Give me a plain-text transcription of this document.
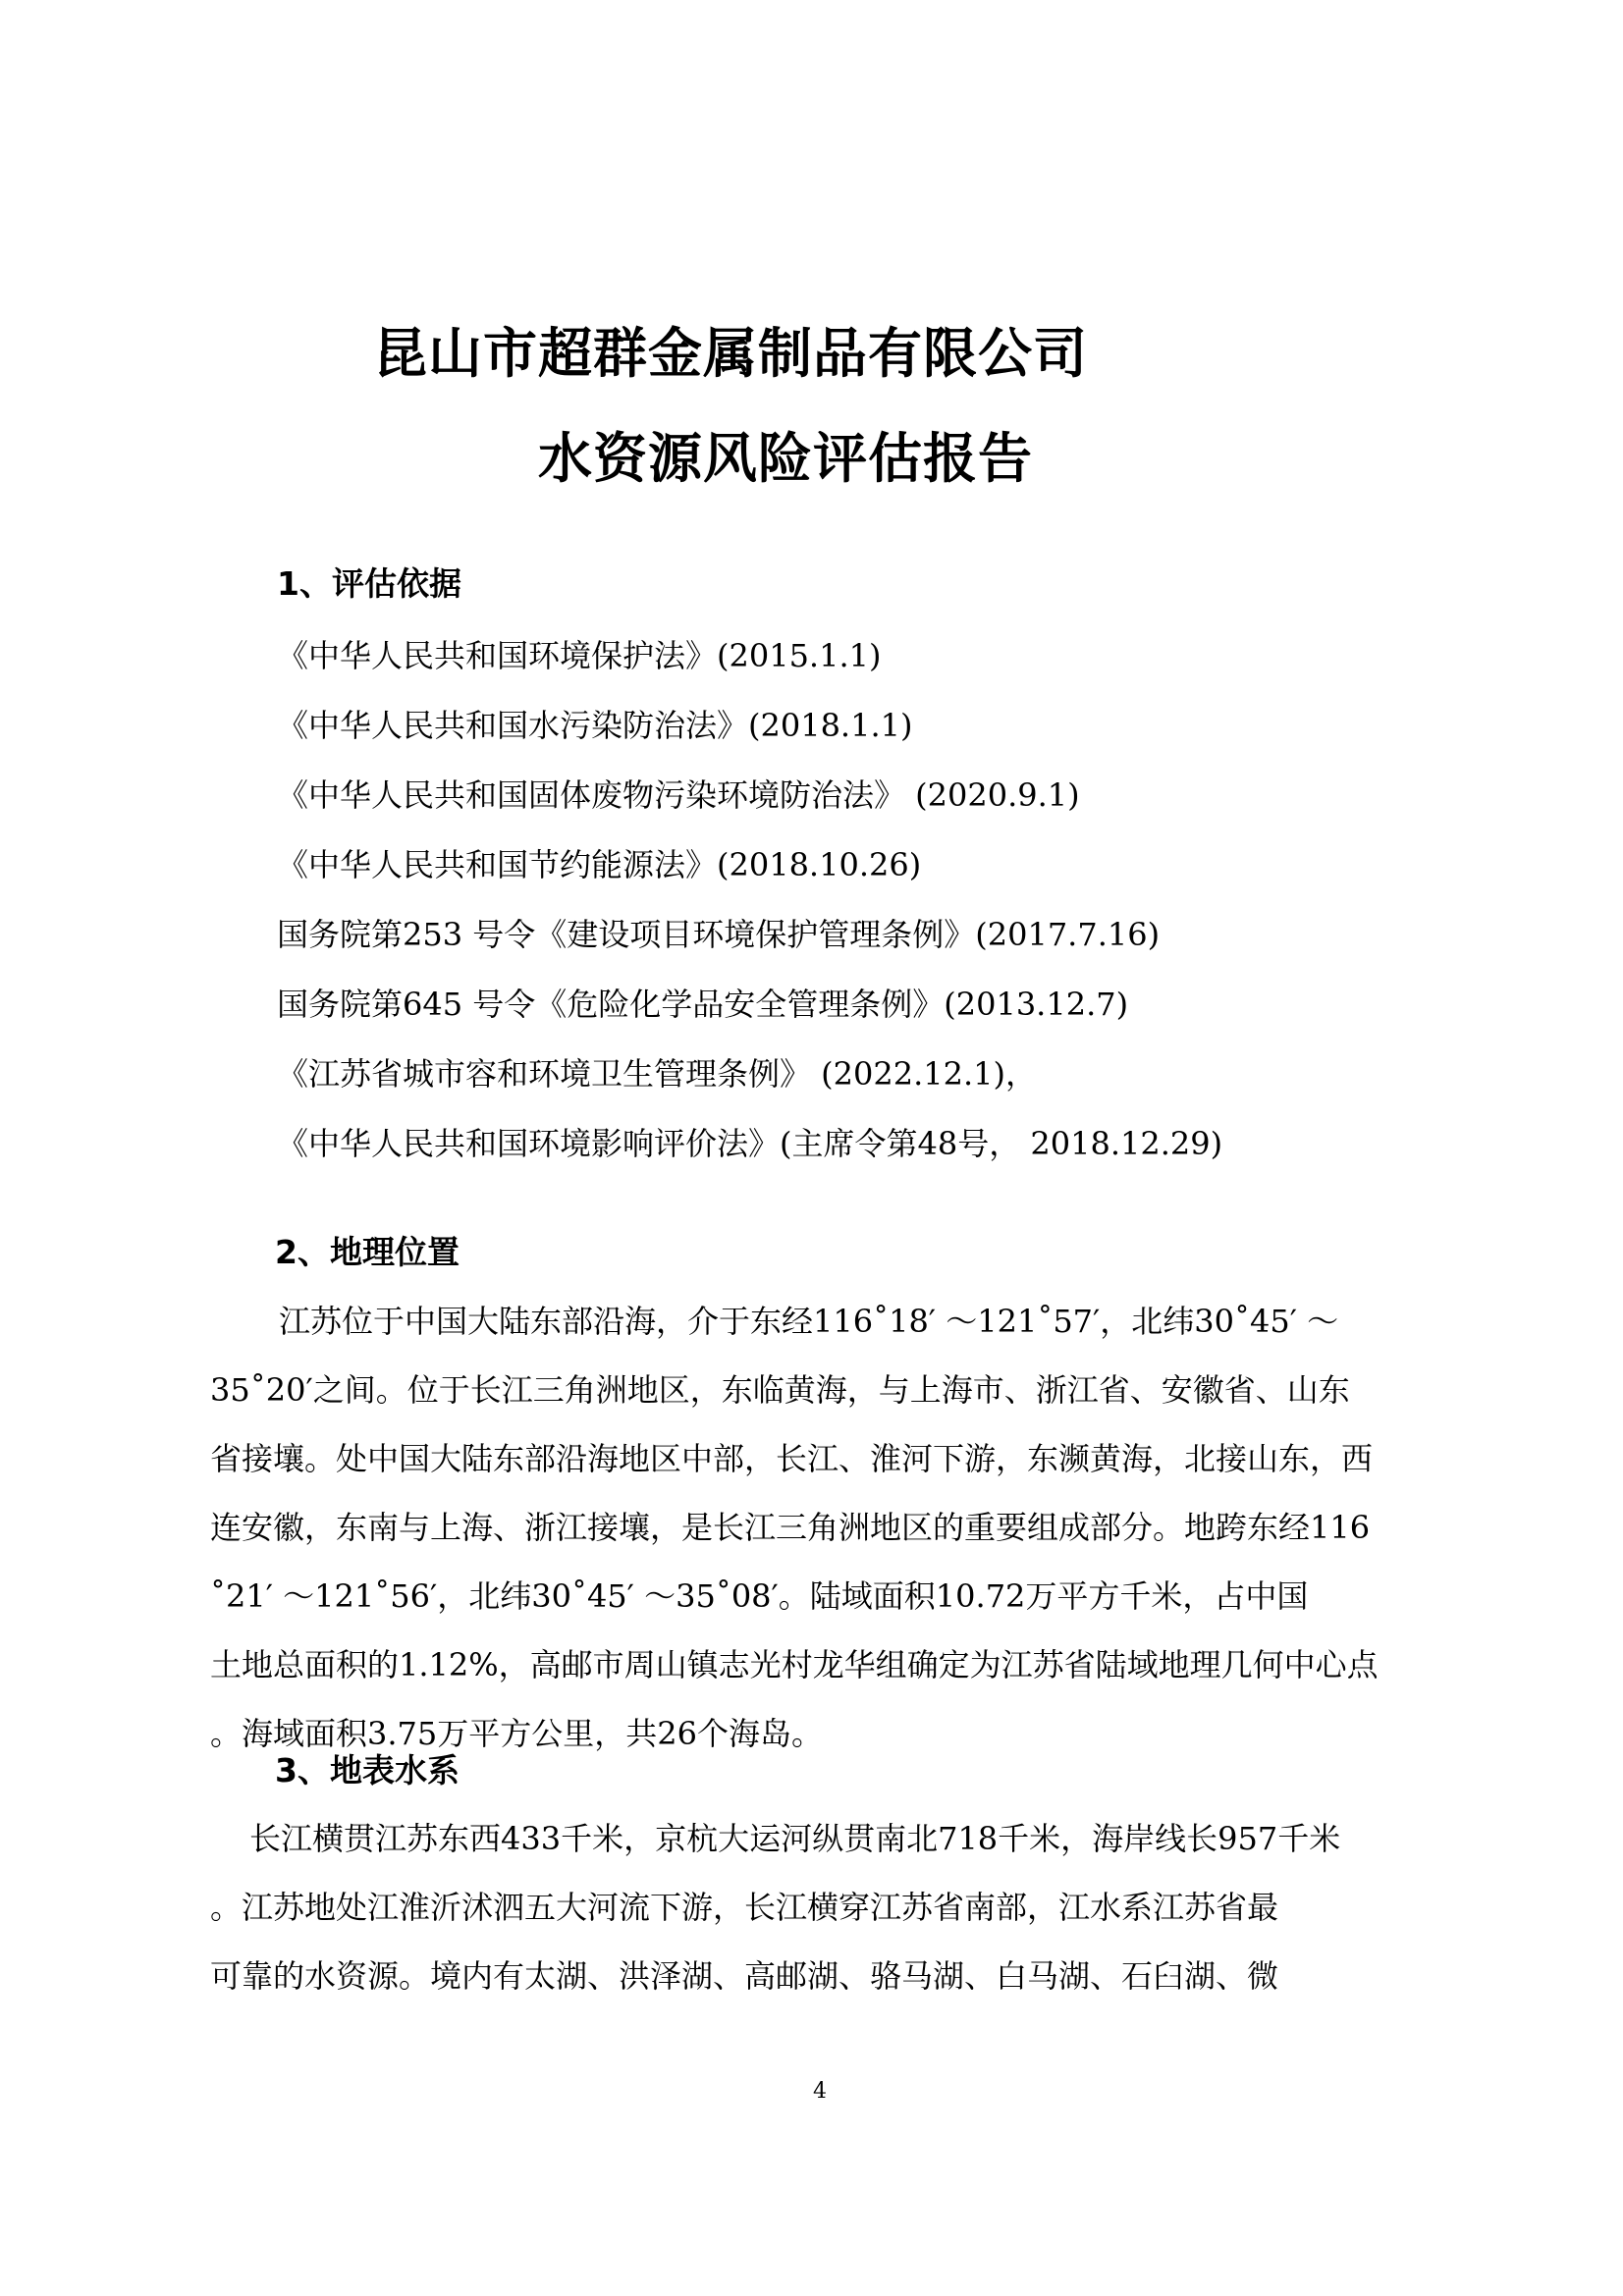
昆山市超群金属制品有限公司
水资源风险评估报告
1、评估依据
《中华人民共和国环境保护法》(2015.1.1)
《中华人民共和国水污染防治法》(2018.1.1)
《中华人民共和国固体废物污染环境防治法》 (2020.9.1)
《中华人民共和国节约能源法》(2018.10.26)
国务院第253 号令《建设项目环境保护管理条例》(2017.7.16)
国务院第645 号令《危险化学品安全管理条例》(2013.12.7)
《江苏省城市容和环境卫生管理条例》 (2022.12.1)，
《中华人民共和国环境影响评价法》(主席令第48号， 2018.12.29)
2、地理位置
江苏位于中国大陆东部沿海，介于东经116˚18′ ～121˚57′，北纬30˚45′ ～
35˚20′之间。位于长江三角洲地区，东临黄海，与上海市、浙江省、安徽省、山东
省接壤。处中国大陆东部沿海地区中部，长江、淮河下游，东濒黄海，北接山东，西
连安徽，东南与上海、浙江接壤，是长江三角洲地区的重要组成部分。地跨东经116
˚21′ ～121˚56′，北纬30˚45′ ～35˚08′。陆域面积10.72万平方千米，占中国
土地总面积的1.12%，高邮市周山镇志光村龙华组确定为江苏省陆域地理几何中心点
。海域面积3.75万平方公里，共26个海岛。
3、地表水系
长江横贯江苏东西433千米，京杭大运河纵贯南北718千米，海岸线长957千米
。江苏地处江淮沂沭泗五大河流下游，长江横穿江苏省南部，江水系江苏省最
可靠的水资源。境内有太湖、洪泽湖、高邮湖、骆马湖、白马湖、石臼湖、微
4
